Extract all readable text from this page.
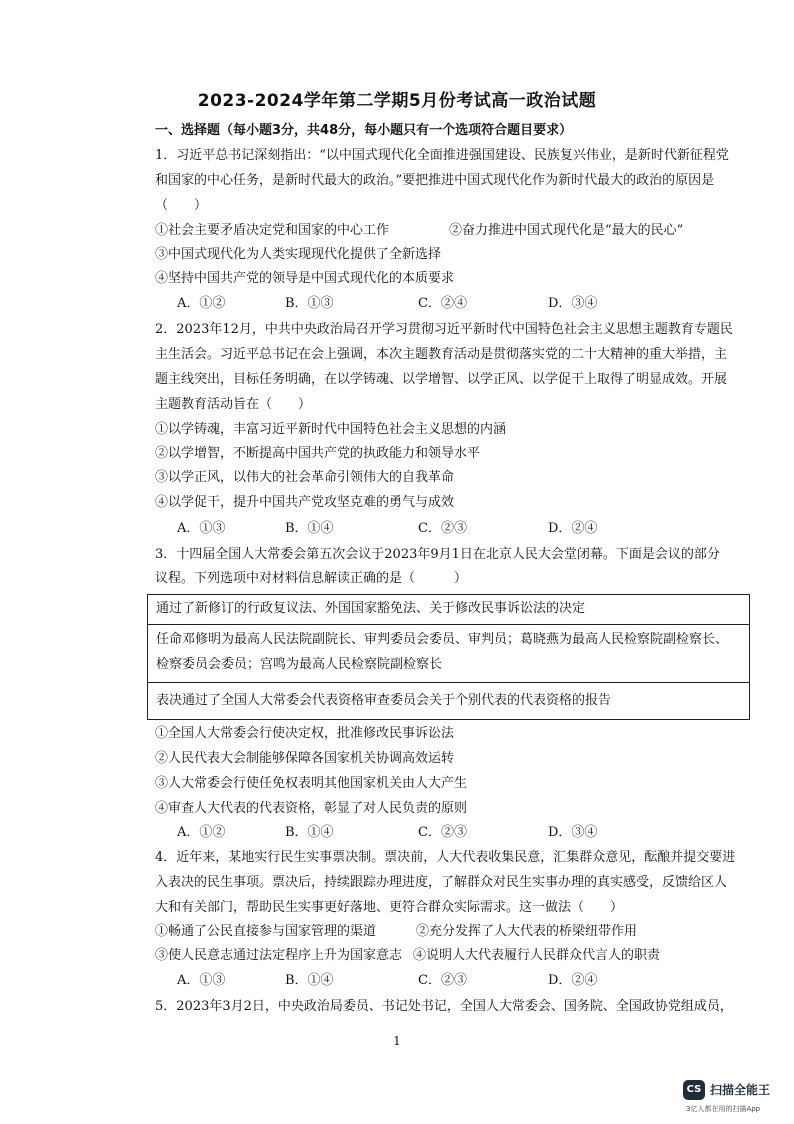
2023-2024学年第二学期5月份考试高一政治试题
一、选择题（每小题3分，共48分，每小题只有一个选项符合题目要求）
1．习近平总书记深刻指出：“以中国式现代化全面推进强国建设、民族复兴伟业，是新时代新征程党
和国家的中心任务，是新时代最大的政治。”要把推进中国式现代化作为新时代最大的政治的原因是
（　　）
①社会主要矛盾决定党和国家的中心工作	②奋力推进中国式现代化是“最大的民心”
③中国式现代化为人类实现现代化提供了全新选择
④坚持中国共产党的领导是中国式现代化的本质要求
A．①②	B．①③	C．②④	D．③④
2．2023年12月，中共中央政治局召开学习贯彻习近平新时代中国特色社会主义思想主题教育专题民
主生活会。习近平总书记在会上强调，本次主题教育活动是贯彻落实党的二十大精神的重大举措，主
题主线突出，目标任务明确，在以学铸魂、以学增智、以学正风、以学促干上取得了明显成效。开展
主题教育活动旨在（　　）
①以学铸魂，丰富习近平新时代中国特色社会主义思想的内涵
②以学增智，不断提高中国共产党的执政能力和领导水平
③以学正风，以伟大的社会革命引领伟大的自我革命
④以学促干，提升中国共产党攻坚克难的勇气与成效
A．①③	B．①④	C．②③	D．②④
3．十四届全国人大常委会第五次会议于2023年9月1日在北京人民大会堂闭幕。下面是会议的部分
议程。下列选项中对材料信息解读正确的是（　　　）
通过了新修订的行政复议法、外国国家豁免法、关于修改民事诉讼法的决定
任命邓修明为最高人民法院副院长、审判委员会委员、审判员；葛晓燕为最高人民检察院副检察长、
检察委员会委员；宫鸣为最高人民检察院副检察长
表决通过了全国人大常委会代表资格审查委员会关于个别代表的代表资格的报告
①全国人大常委会行使决定权，批准修改民事诉讼法
②人民代表大会制能够保障各国家机关协调高效运转
③人大常委会行使任免权表明其他国家机关由人大产生
④审查人大代表的代表资格，彰显了对人民负责的原则
A．①②	B．①④	C．②③	D．③④
4．近年来，某地实行民生实事票决制。票决前，人大代表收集民意，汇集群众意见，酝酿并提交要进
入表决的民生事项。票决后，持续跟踪办理进度，了解群众对民生实事办理的真实感受，反馈给区人
大和有关部门，帮助民生实事更好落地、更符合群众实际需求。这一做法（　　）
①畅通了公民直接参与国家管理的渠道	②充分发挥了人大代表的桥梁纽带作用
③使人民意志通过法定程序上升为国家意志 ④说明人大代表履行人民群众代言人的职责
A．①③	B．①④	C．②③	D．②④
5．2023年3月2日，中央政治局委员、书记处书记，全国人大常委会、国务院、全国政协党组成员，
1
CS 扫描全能王
3亿人都在用的扫描App
